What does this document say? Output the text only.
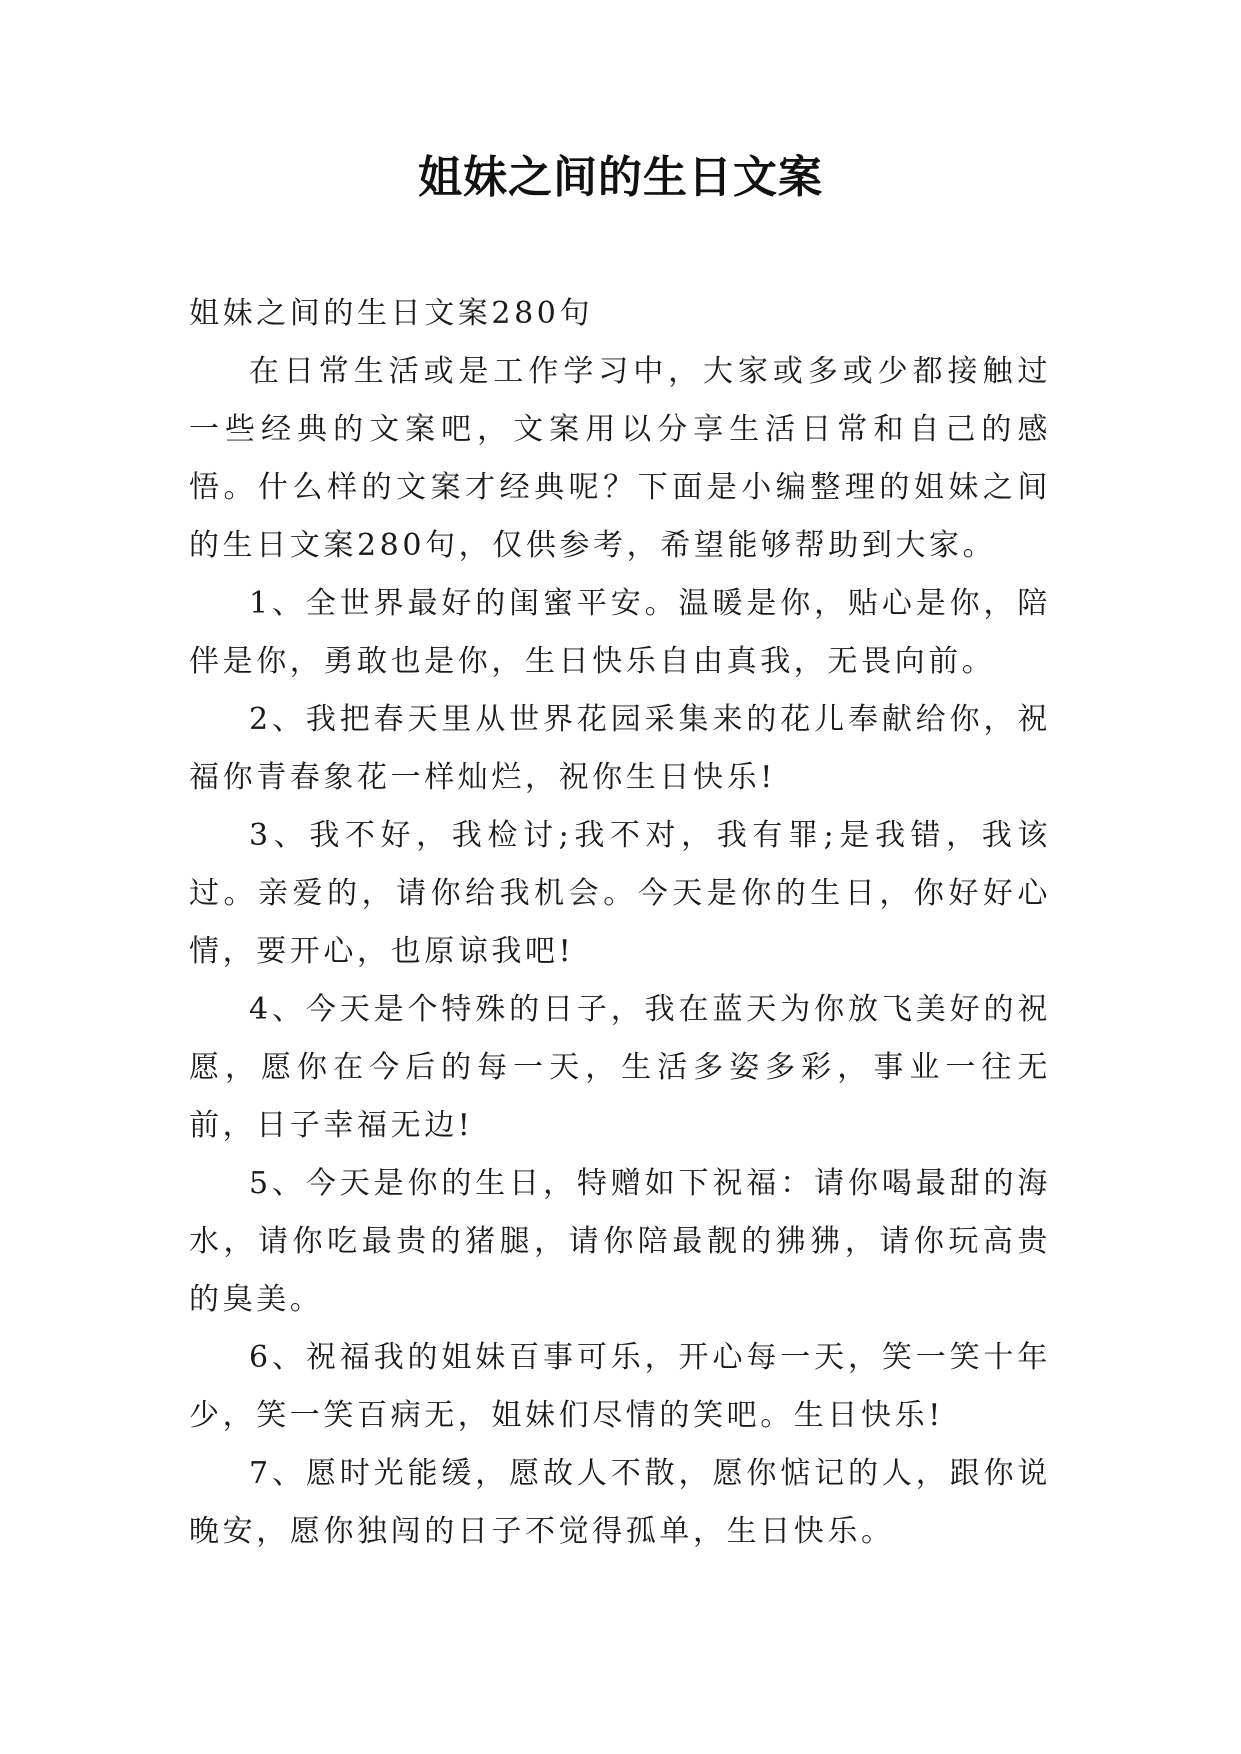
姐妹之间的生日文案

姐妹之间的生日文案280句

在日常生活或是工作学习中，大家或多或少都接触过一些经典的文案吧，文案用以分享生活日常和自己的感悟。什么样的文案才经典呢？下面是小编整理的姐妹之间的生日文案280句，仅供参考，希望能够帮助到大家。

1、全世界最好的闺蜜平安。温暖是你，贴心是你，陪伴是你，勇敢也是你，生日快乐自由真我，无畏向前。

2、我把春天里从世界花园采集来的花儿奉献给你，祝福你青春象花一样灿烂，祝你生日快乐!

3、我不好，我检讨;我不对，我有罪;是我错，我该过。亲爱的，请你给我机会。今天是你的生日，你好好心情，要开心，也原谅我吧!

4、今天是个特殊的日子，我在蓝天为你放飞美好的祝愿，愿你在今后的每一天，生活多姿多彩，事业一往无前，日子幸福无边!

5、今天是你的生日，特赠如下祝福：请你喝最甜的海水，请你吃最贵的猪腿，请你陪最靓的狒狒，请你玩高贵的臭美。

6、祝福我的姐妹百事可乐，开心每一天，笑一笑十年少，笑一笑百病无，姐妹们尽情的笑吧。生日快乐!

7、愿时光能缓，愿故人不散，愿你惦记的人，跟你说晚安，愿你独闯的日子不觉得孤单，生日快乐。
